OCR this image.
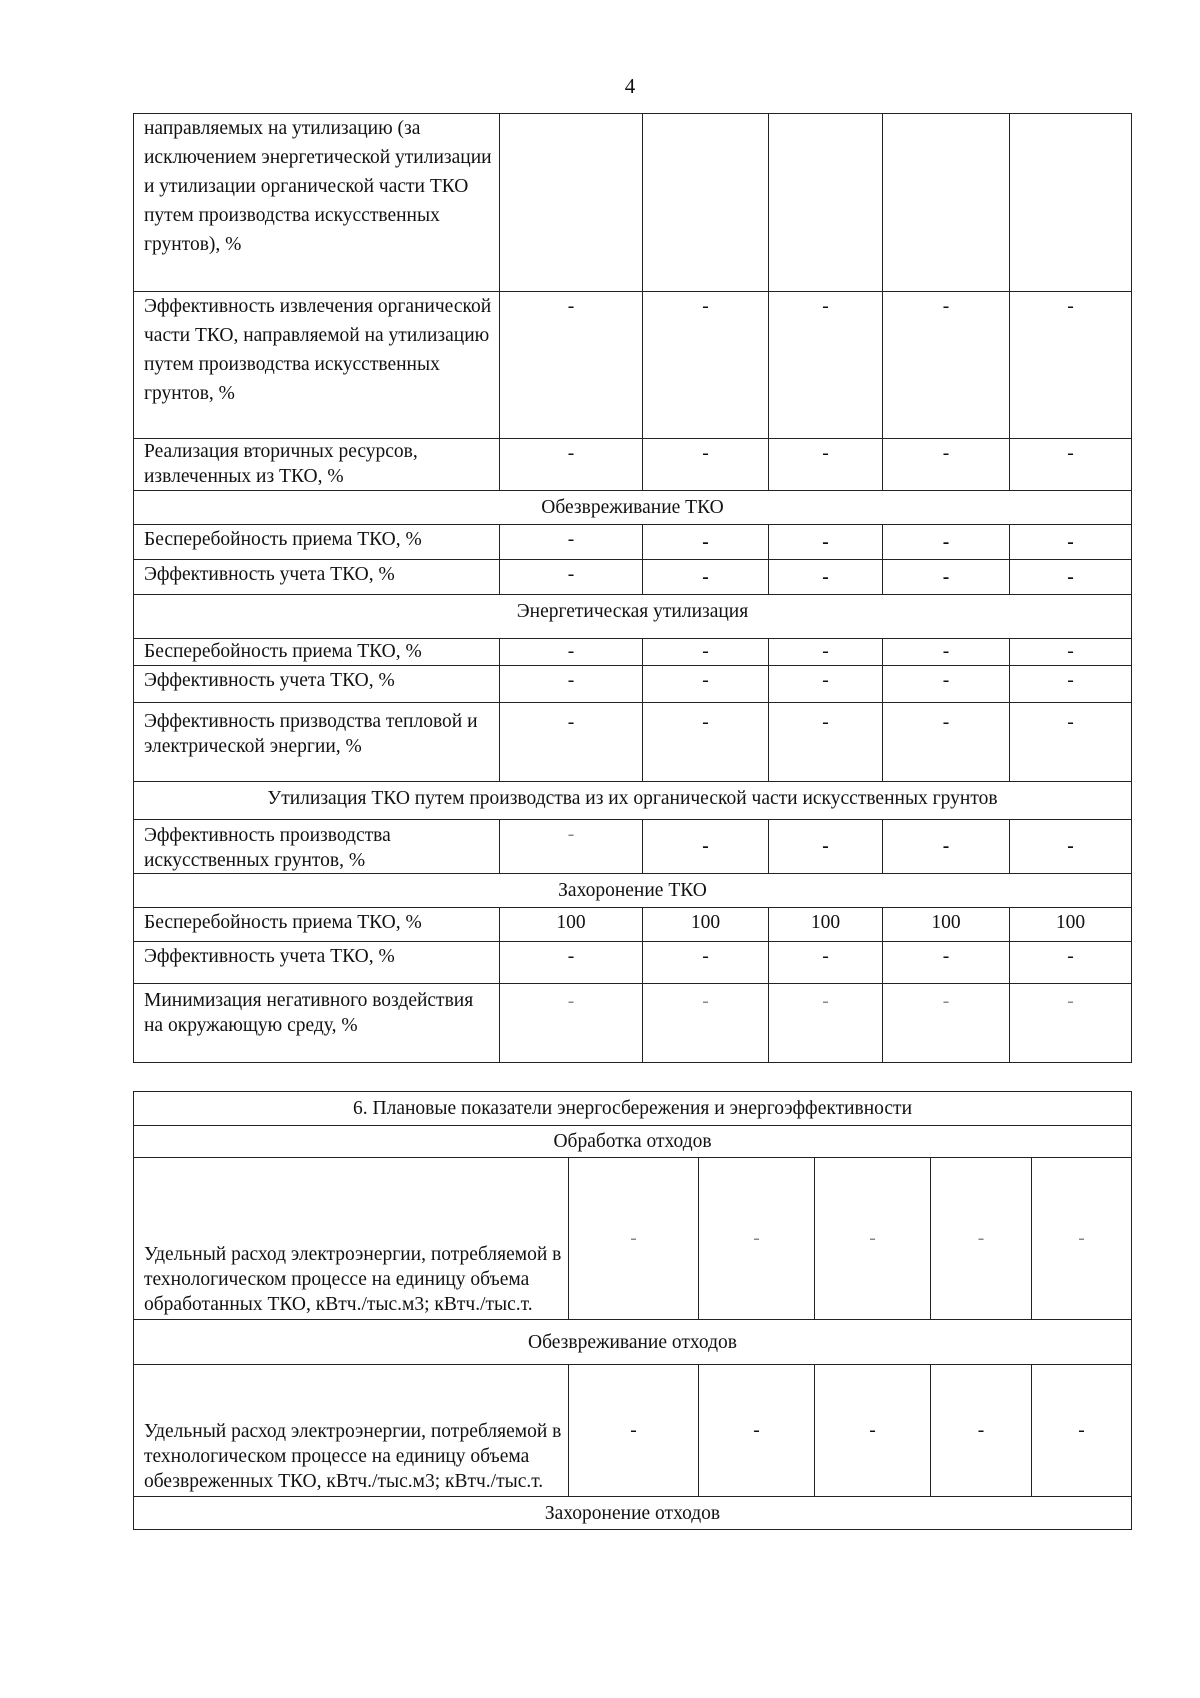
4
направляемых на утилизацию (за исключением энергетической утилизации и утилизации органической части ТКО путем производства искусственных грунтов), %					
Эффективность извлечения органической части ТКО, направляемой на утилизацию путем производства искусственных грунтов, %	-	-	-	-	-
Реализация вторичных ресурсов, извлеченных из ТКО, %	-	-	-	-	-
Обезвреживание ТКО					
Бесперебойность приема ТКО, %	-	-	-	-	-
Эффективность учета ТКО, %	-	-	-	-	-
Энергетическая утилизация					
Бесперебойность приема ТКО, %	-	-	-	-	-
Эффективность учета ТКО, %	-	-	-	-	-
Эффективность призводства тепловой и электрической энергии, %	-	-	-	-	-
Утилизация ТКО путем производства из их органической части искусственных грунтов					
Эффективность производства искусственных грунтов, %	-	-	-	-	-
Захоронение ТКО					
Бесперебойность приема ТКО, %	100	100	100	100	100
Эффективность учета ТКО, %	-	-	-	-	-
Минимизация негативного воздействия на окружающую среду, %	-	-	-	-	-
6. Плановые показатели энергосбережения и энергоэффективности					
Обработка отходов					
Удельный расход электроэнергии, потребляемой в технологическом процессе на единицу объема обработанных ТКО, кВтч./тыс.м3; кВтч./тыс.т.	-	-	-	-	-
Обезвреживание отходов					
Удельный расход электроэнергии, потребляемой в технологическом процессе на единицу объема обезвреженных ТКО, кВтч./тыс.м3; кВтч./тыс.т.	-	-	-	-	-
Захоронение отходов					
